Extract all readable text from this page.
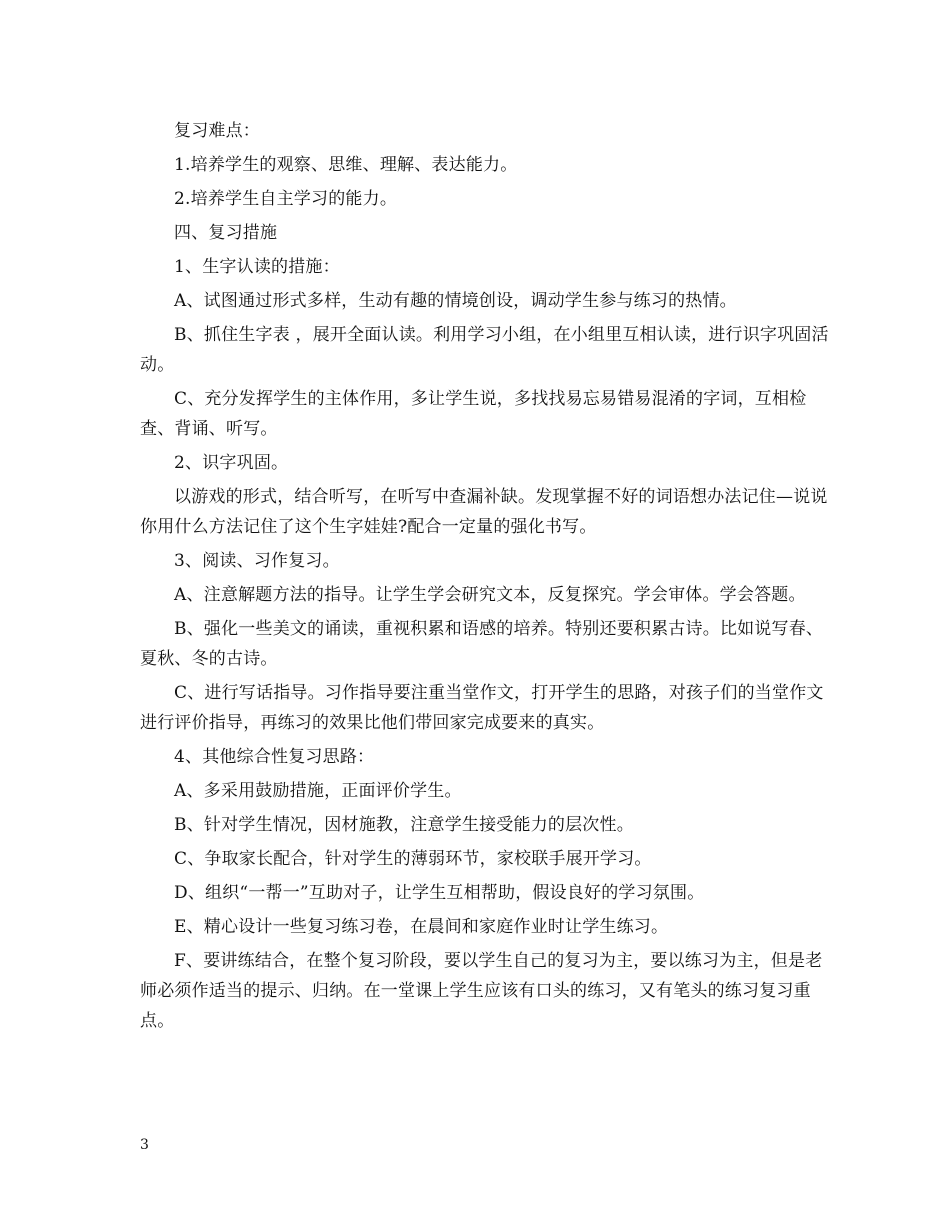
复习难点：

1.培养学生的观察、思维、理解、表达能力。

2.培养学生自主学习的能力。

四、复习措施

1、生字认读的措施：

A、试图通过形式多样，生动有趣的情境创设，调动学生参与练习的热情。

B、抓住生字表 ，展开全面认读。利用学习小组，在小组里互相认读，进行识字巩固活动。

C、充分发挥学生的主体作用，多让学生说，多找找易忘易错易混淆的字词，互相检查、背诵、听写。

2、识字巩固。

以游戏的形式，结合听写，在听写中查漏补缺。发现掌握不好的词语想办法记住—说说你用什么方法记住了这个生字娃娃?配合一定量的强化书写。

3、阅读、习作复习。

A、注意解题方法的指导。让学生学会研究文本，反复探究。学会审体。学会答题。

B、强化一些美文的诵读，重视积累和语感的培养。特别还要积累古诗。比如说写春、夏秋、冬的古诗。

C、进行写话指导。习作指导要注重当堂作文，打开学生的思路，对孩子们的当堂作文进行评价指导，再练习的效果比他们带回家完成要来的真实。

4、其他综合性复习思路：

A、多采用鼓励措施，正面评价学生。

B、针对学生情况，因材施教，注意学生接受能力的层次性。

C、争取家长配合，针对学生的薄弱环节，家校联手展开学习。

D、组织“一帮一”互助对子，让学生互相帮助，假设良好的学习氛围。

E、精心设计一些复习练习卷，在晨间和家庭作业时让学生练习。

F、要讲练结合，在整个复习阶段，要以学生自己的复习为主，要以练习为主，但是老师必须作适当的提示、归纳。在一堂课上学生应该有口头的练习，又有笔头的练习复习重点。

3
